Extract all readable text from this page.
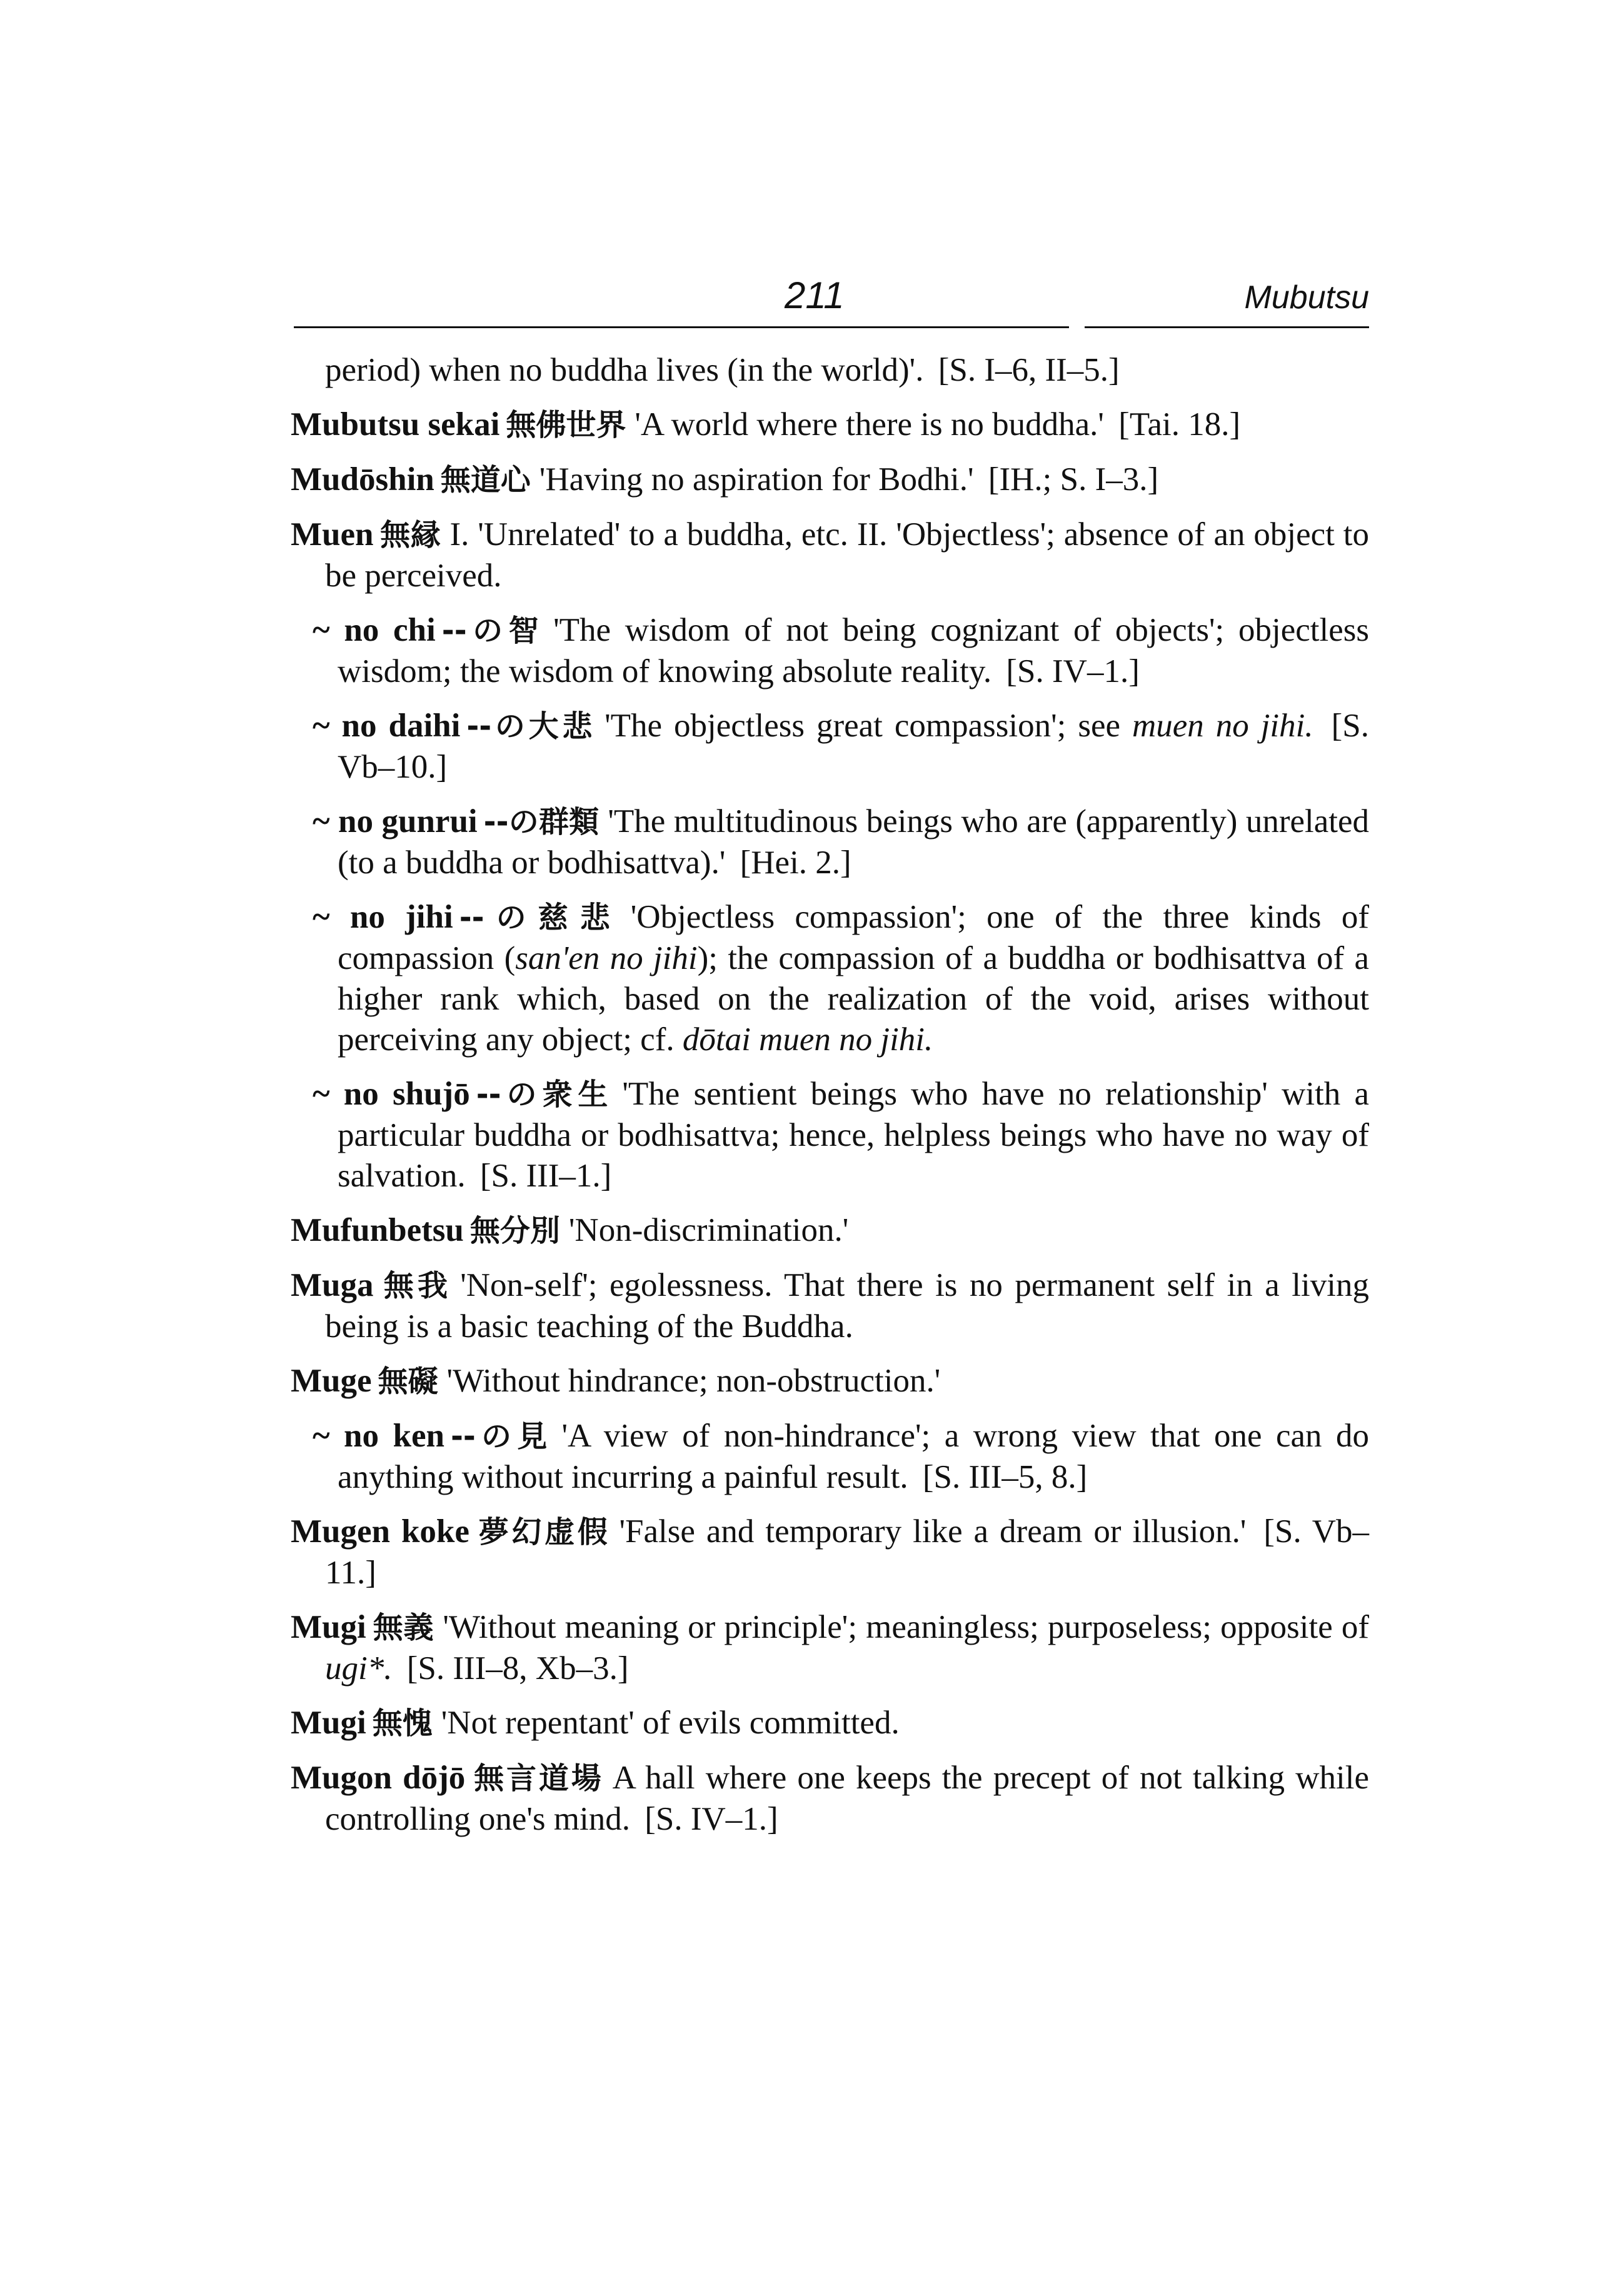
211	Mubutsu

period) when no buddha lives (in the world)'. [S. I–6, II–5.]

Mubutsu sekai 無佛世界 'A world where there is no buddha.' [Tai. 18.]

Mudōshin 無道心 'Having no aspiration for Bodhi.' [IH.; S. I–3.]

Muen 無縁 I. 'Unrelated' to a buddha, etc. II. 'Objectless'; absence of an object to be perceived.

~ no chi --の智 'The wisdom of not being cognizant of objects'; objectless wisdom; the wisdom of knowing absolute reality. [S. IV–1.]

~ no daihi --の大悲 'The objectless great compassion'; see muen no jihi. [S. Vb–10.]

~ no gunrui --の群類 'The multitudinous beings who are (apparently) unrelated (to a buddha or bodhisattva).' [Hei. 2.]

~ no jihi --の慈悲 'Objectless compassion'; one of the three kinds of compassion (san'en no jihi); the compassion of a buddha or bodhisattva of a higher rank which, based on the realization of the void, arises without perceiving any object; cf. dōtai muen no jihi.

~ no shujō --の衆生 'The sentient beings who have no relationship' with a particular buddha or bodhisattva; hence, helpless beings who have no way of salvation. [S. III–1.]

Mufunbetsu 無分別 'Non-discrimination.'

Muga 無我 'Non-self'; egolessness. That there is no permanent self in a living being is a basic teaching of the Buddha.

Muge 無礙 'Without hindrance; non-obstruction.'

~ no ken --の見 'A view of non-hindrance'; a wrong view that one can do anything without incurring a painful result. [S. III–5, 8.]

Mugen koke 夢幻虚假 'False and temporary like a dream or illusion.' [S. Vb–11.]

Mugi 無義 'Without meaning or principle'; meaningless; purposeless; opposite of ugi*. [S. III–8, Xb–3.]

Mugi 無愧 'Not repentant' of evils committed.

Mugon dōjō 無言道場 A hall where one keeps the precept of not talking while controlling one's mind. [S. IV–1.]
